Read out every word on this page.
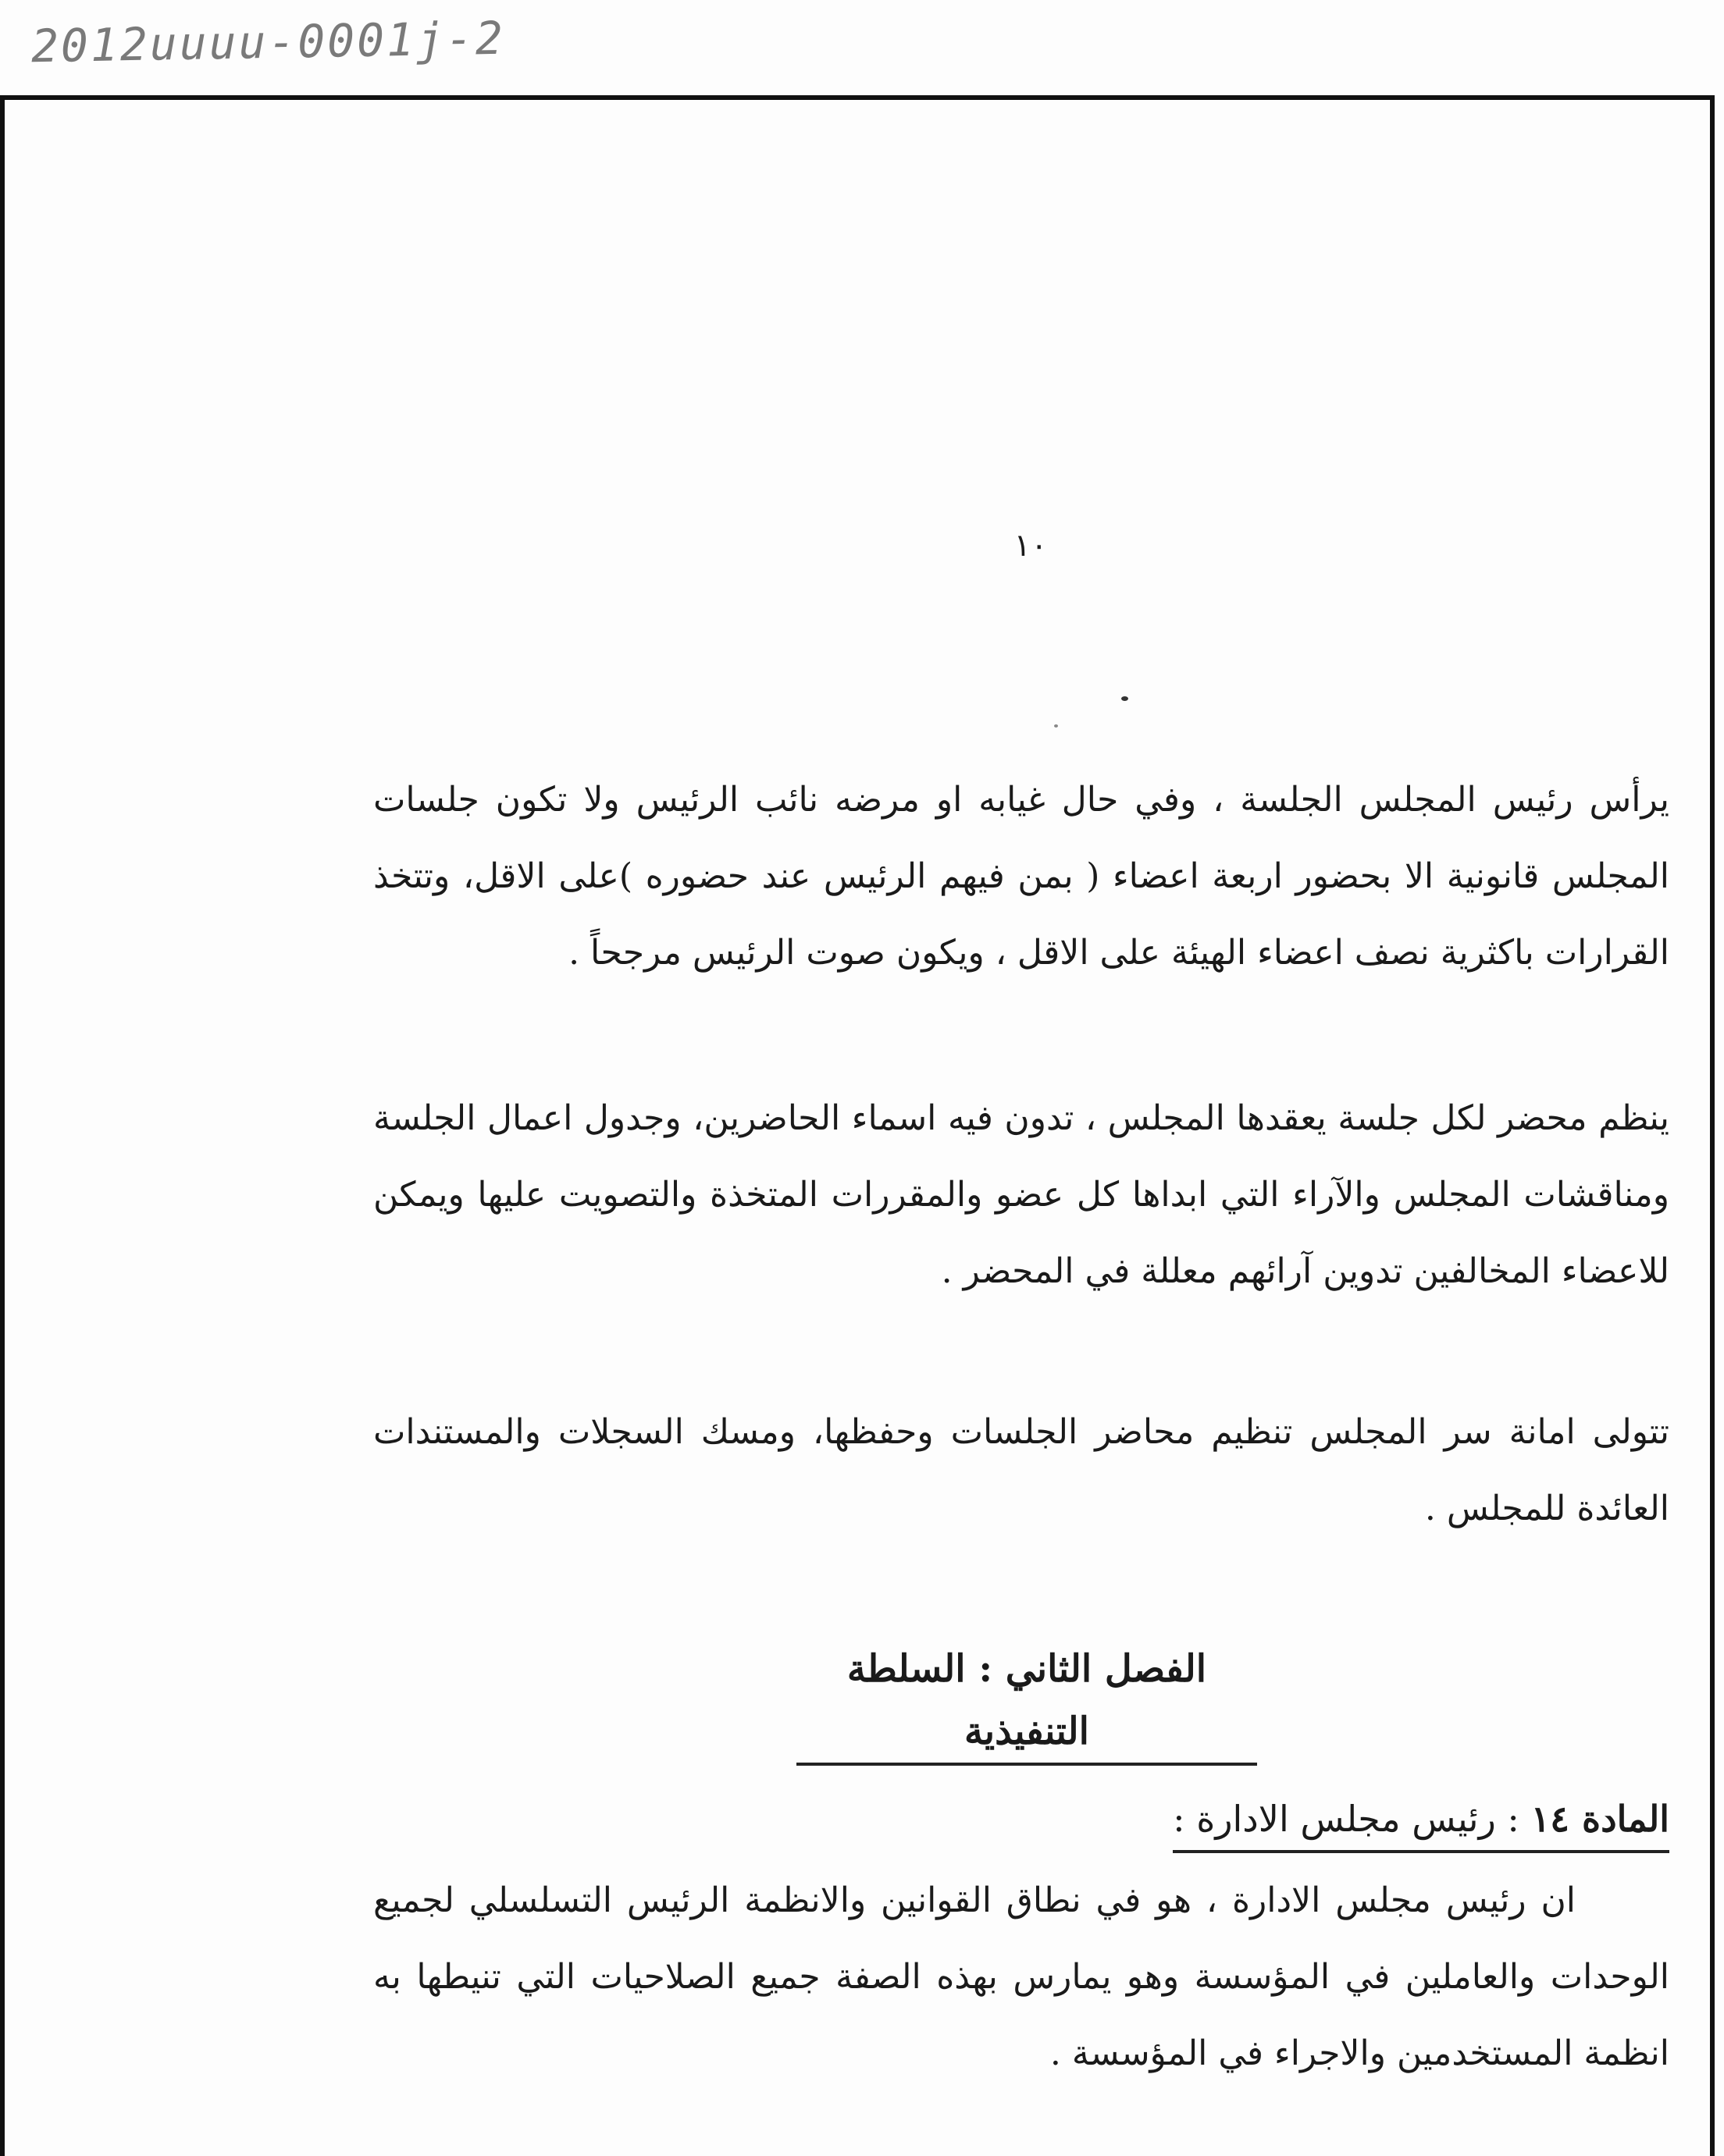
2012uuuu-0001j-2
١٠

يرأس رئيس المجلس الجلسة ، وفي حال غيابه او مرضه نائب الرئيس ولا تكون جلسات المجلس قانونية الا بحضور اربعة اعضاء ( بمن فيهم الرئيس عند حضوره )على الاقل، وتتخذ القرارات باكثرية نصف اعضاء الهيئة على الاقل ، ويكون صوت الرئيس مرجحاً .

ينظم محضر لكل جلسة يعقدها المجلس ، تدون فيه اسماء الحاضرين، وجدول اعمال الجلسة ومناقشات المجلس والآراء التي ابداها كل عضو والمقررات المتخذة والتصويت عليها ويمكن للاعضاء المخالفين تدوين آرائهم معللة في المحضر .

تتولى امانة سر المجلس تنظيم محاضر الجلسات وحفظها، ومسك السجلات والمستندات العائدة للمجلس .

الفصل الثاني : السلطة التنفيذية
المادة ١٤ : رئيس مجلس الادارة :

ان رئيس مجلس الادارة ، هو في نطاق القوانين والانظمة الرئيس التسلسلي لجميع الوحدات والعاملين في المؤسسة وهو يمارس بهذه الصفة جميع الصلاحيات التي تنيطها به انظمة المستخدمين والاجراء في المؤسسة .
